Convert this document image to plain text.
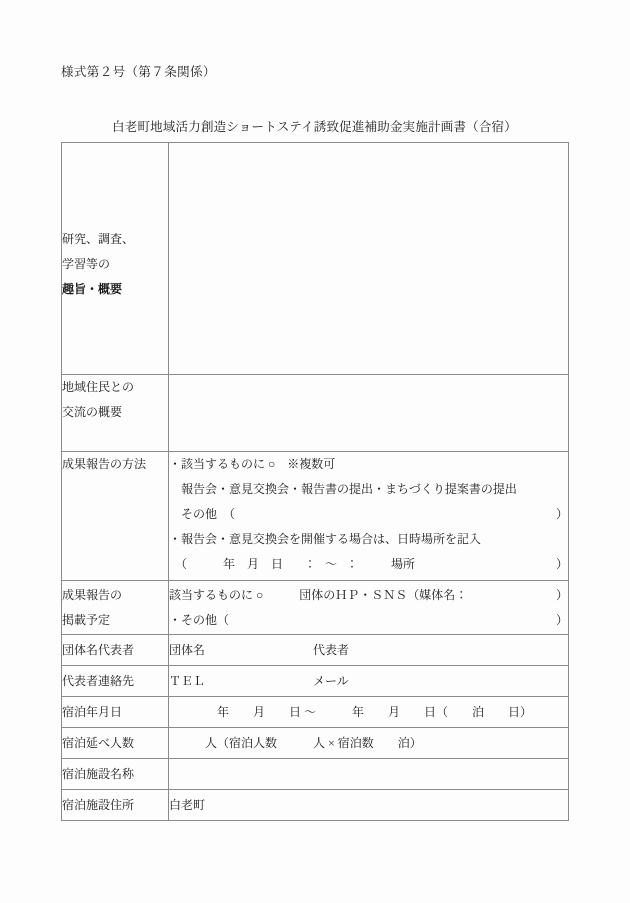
様式第２号（第７条関係）
白老町地域活力創造ショートステイ誘致促進補助金実施計画書（合宿）
研究、調査、
学習等の
趣旨・概要	

地域住民との
交流の概要	

成果報告の方法	・該当するものに ○　※複数可
　報告会・意見交換会・報告書の提出・まちづくり提案書の提出
　その他　（	）
・報告会・意見交換会を開催する場合は、日時場所を記入
　（　　　年　月　日　　：　〜　：　　　場所	）

成果報告の
掲載予定	該当するものに ○　　　団体のＨＰ・ＳＮＳ（媒体名： ）
・その他（ ）

団体名代表者	団体名　　　　　　　　　代表者

代表者連絡先	ＴＥＬ　　　　　　　　　メール

宿泊年月日	　　　　年　　月　　日 〜　　　年　　月　　日（　　泊　　日）

宿泊延べ人数	　　　人（宿泊人数　　　人 × 宿泊数　　泊）

宿泊施設名称	

宿泊施設住所	白老町
